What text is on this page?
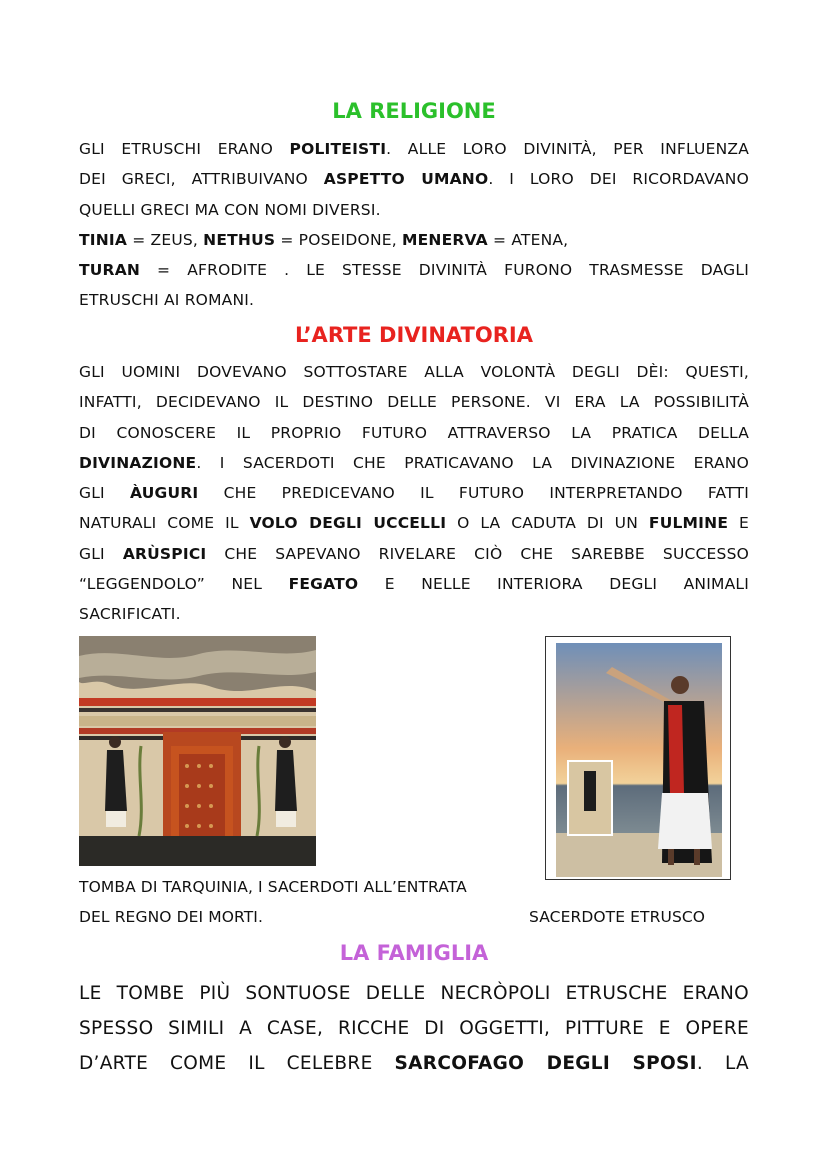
LA RELIGIONE
GLI ETRUSCHI ERANO POLITEISTI. ALLE LORO DIVINITÀ, PER INFLUENZA
DEI GRECI, ATTRIBUIVANO ASPETTO UMANO. I LORO DEI RICORDAVANO
QUELLI GRECI MA CON NOMI DIVERSI.
TINIA = ZEUS, NETHUS = POSEIDONE, MENERVA = ATENA,
TURAN = AFRODITE . LE STESSE DIVINITÀ FURONO TRASMESSE DAGLI
ETRUSCHI AI ROMANI.
L’ARTE DIVINATORIA
GLI UOMINI DOVEVANO SOTTOSTARE ALLA VOLONTÀ DEGLI DÈI: QUESTI,
INFATTI, DECIDEVANO IL DESTINO DELLE PERSONE. VI ERA LA POSSIBILITÀ
DI CONOSCERE IL PROPRIO FUTURO ATTRAVERSO LA PRATICA DELLA
DIVINAZIONE. I SACERDOTI CHE PRATICAVANO LA DIVINAZIONE ERANO
GLI ÀUGURI CHE PREDICEVANO IL FUTURO INTERPRETANDO FATTI
NATURALI COME IL VOLO DEGLI UCCELLI O LA CADUTA DI UN FULMINE E
GLI ARÙSPICI CHE SAPEVANO RIVELARE CIÒ CHE SAREBBE SUCCESSO
“LEGGENDOLO” NEL FEGATO E NELLE INTERIORA DEGLI ANIMALI
SACRIFICATI.
TOMBA DI TARQUINIA, I SACERDOTI ALL’ENTRATA
DEL REGNO DEI MORTI.	SACERDOTE ETRUSCO
LA FAMIGLIA
LE TOMBE PIÙ SONTUOSE DELLE NECRÒPOLI ETRUSCHE ERANO
SPESSO SIMILI A CASE, RICCHE DI OGGETTI, PITTURE E OPERE
D’ARTE COME IL CELEBRE SARCOFAGO DEGLI SPOSI. LA
